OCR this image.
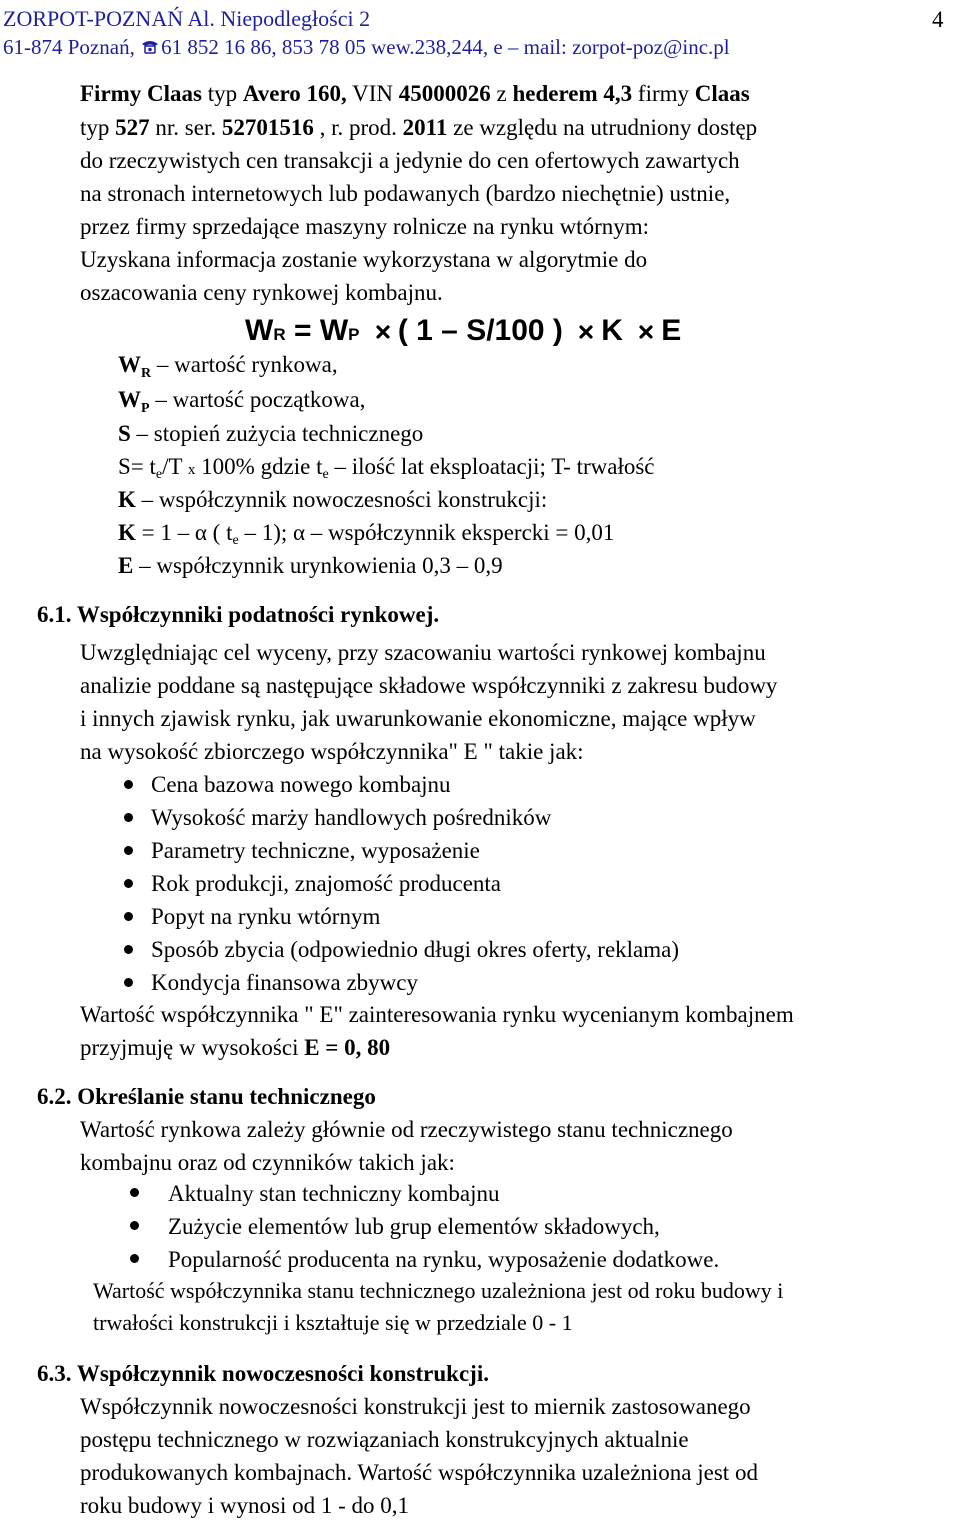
ZORPOT-POZNAŃ Al. Niepodległości 2
61-874 Poznań, 61 852 16 86, 853 78 05 wew.238,244, e – mail: zorpot-poz@inc.pl
4
Firmy Claas typ Avero 160, VIN 45000026 z hederem 4,3 firmy Claas
typ 527 nr. ser. 52701516 , r. prod. 2011 ze względu na utrudniony dostęp
do rzeczywistych cen transakcji a jedynie do cen ofertowych zawartych
na stronach internetowych lub podawanych (bardzo niechętnie) ustnie,
przez firmy sprzedające maszyny rolnicze na rynku wtórnym:
Uzyskana informacja zostanie wykorzystana w algorytmie do
oszacowania ceny rynkowej kombajnu.
WR = WP ( 1 – S/100 ) K E
$W_R$ – wartość rynkowa,
$W_P$ – wartość początkowa,
S – stopień zużycia technicznego
S= te/T x 100% gdzie te – ilość lat eksploatacji; T- trwałość
K – współczynnik nowoczesności konstrukcji:
K = 1 – α ( te – 1); α – współczynnik ekspercki = 0,01
E – współczynnik urynkowienia 0,3 – 0,9
6.1. Współczynniki podatności rynkowej.
Uwzględniając cel wyceny, przy szacowaniu wartości rynkowej kombajnu
analizie poddane są następujące składowe współczynniki z zakresu budowy
i innych zjawisk rynku, jak uwarunkowanie ekonomiczne, mające wpływ
na wysokość zbiorczego współczynnika" E " takie jak:
Cena bazowa nowego kombajnu
Wysokość marży handlowych pośredników
Parametry techniczne, wyposażenie
Rok produkcji, znajomość producenta
Popyt na rynku wtórnym
Sposób zbycia (odpowiednio długi okres oferty, reklama)
Kondycja finansowa zbywcy
Wartość współczynnika " E" zainteresowania rynku wycenianym kombajnem
przyjmuję w wysokości E = 0, 80
6.2. Określanie stanu technicznego
Wartość rynkowa zależy głównie od rzeczywistego stanu technicznego
kombajnu oraz od czynników takich jak:
Aktualny stan techniczny kombajnu
Zużycie elementów lub grup elementów składowych,
Popularność producenta na rynku, wyposażenie dodatkowe.
Wartość współczynnika stanu technicznego uzależniona jest od roku budowy i
trwałości konstrukcji i kształtuje się w przedziale 0 - 1
6.3. Współczynnik nowoczesności konstrukcji.
Współczynnik nowoczesności konstrukcji jest to miernik zastosowanego
postępu technicznego w rozwiązaniach konstrukcyjnych aktualnie
produkowanych kombajnach. Wartość współczynnika uzależniona jest od
roku budowy i wynosi od 1 - do 0,1
